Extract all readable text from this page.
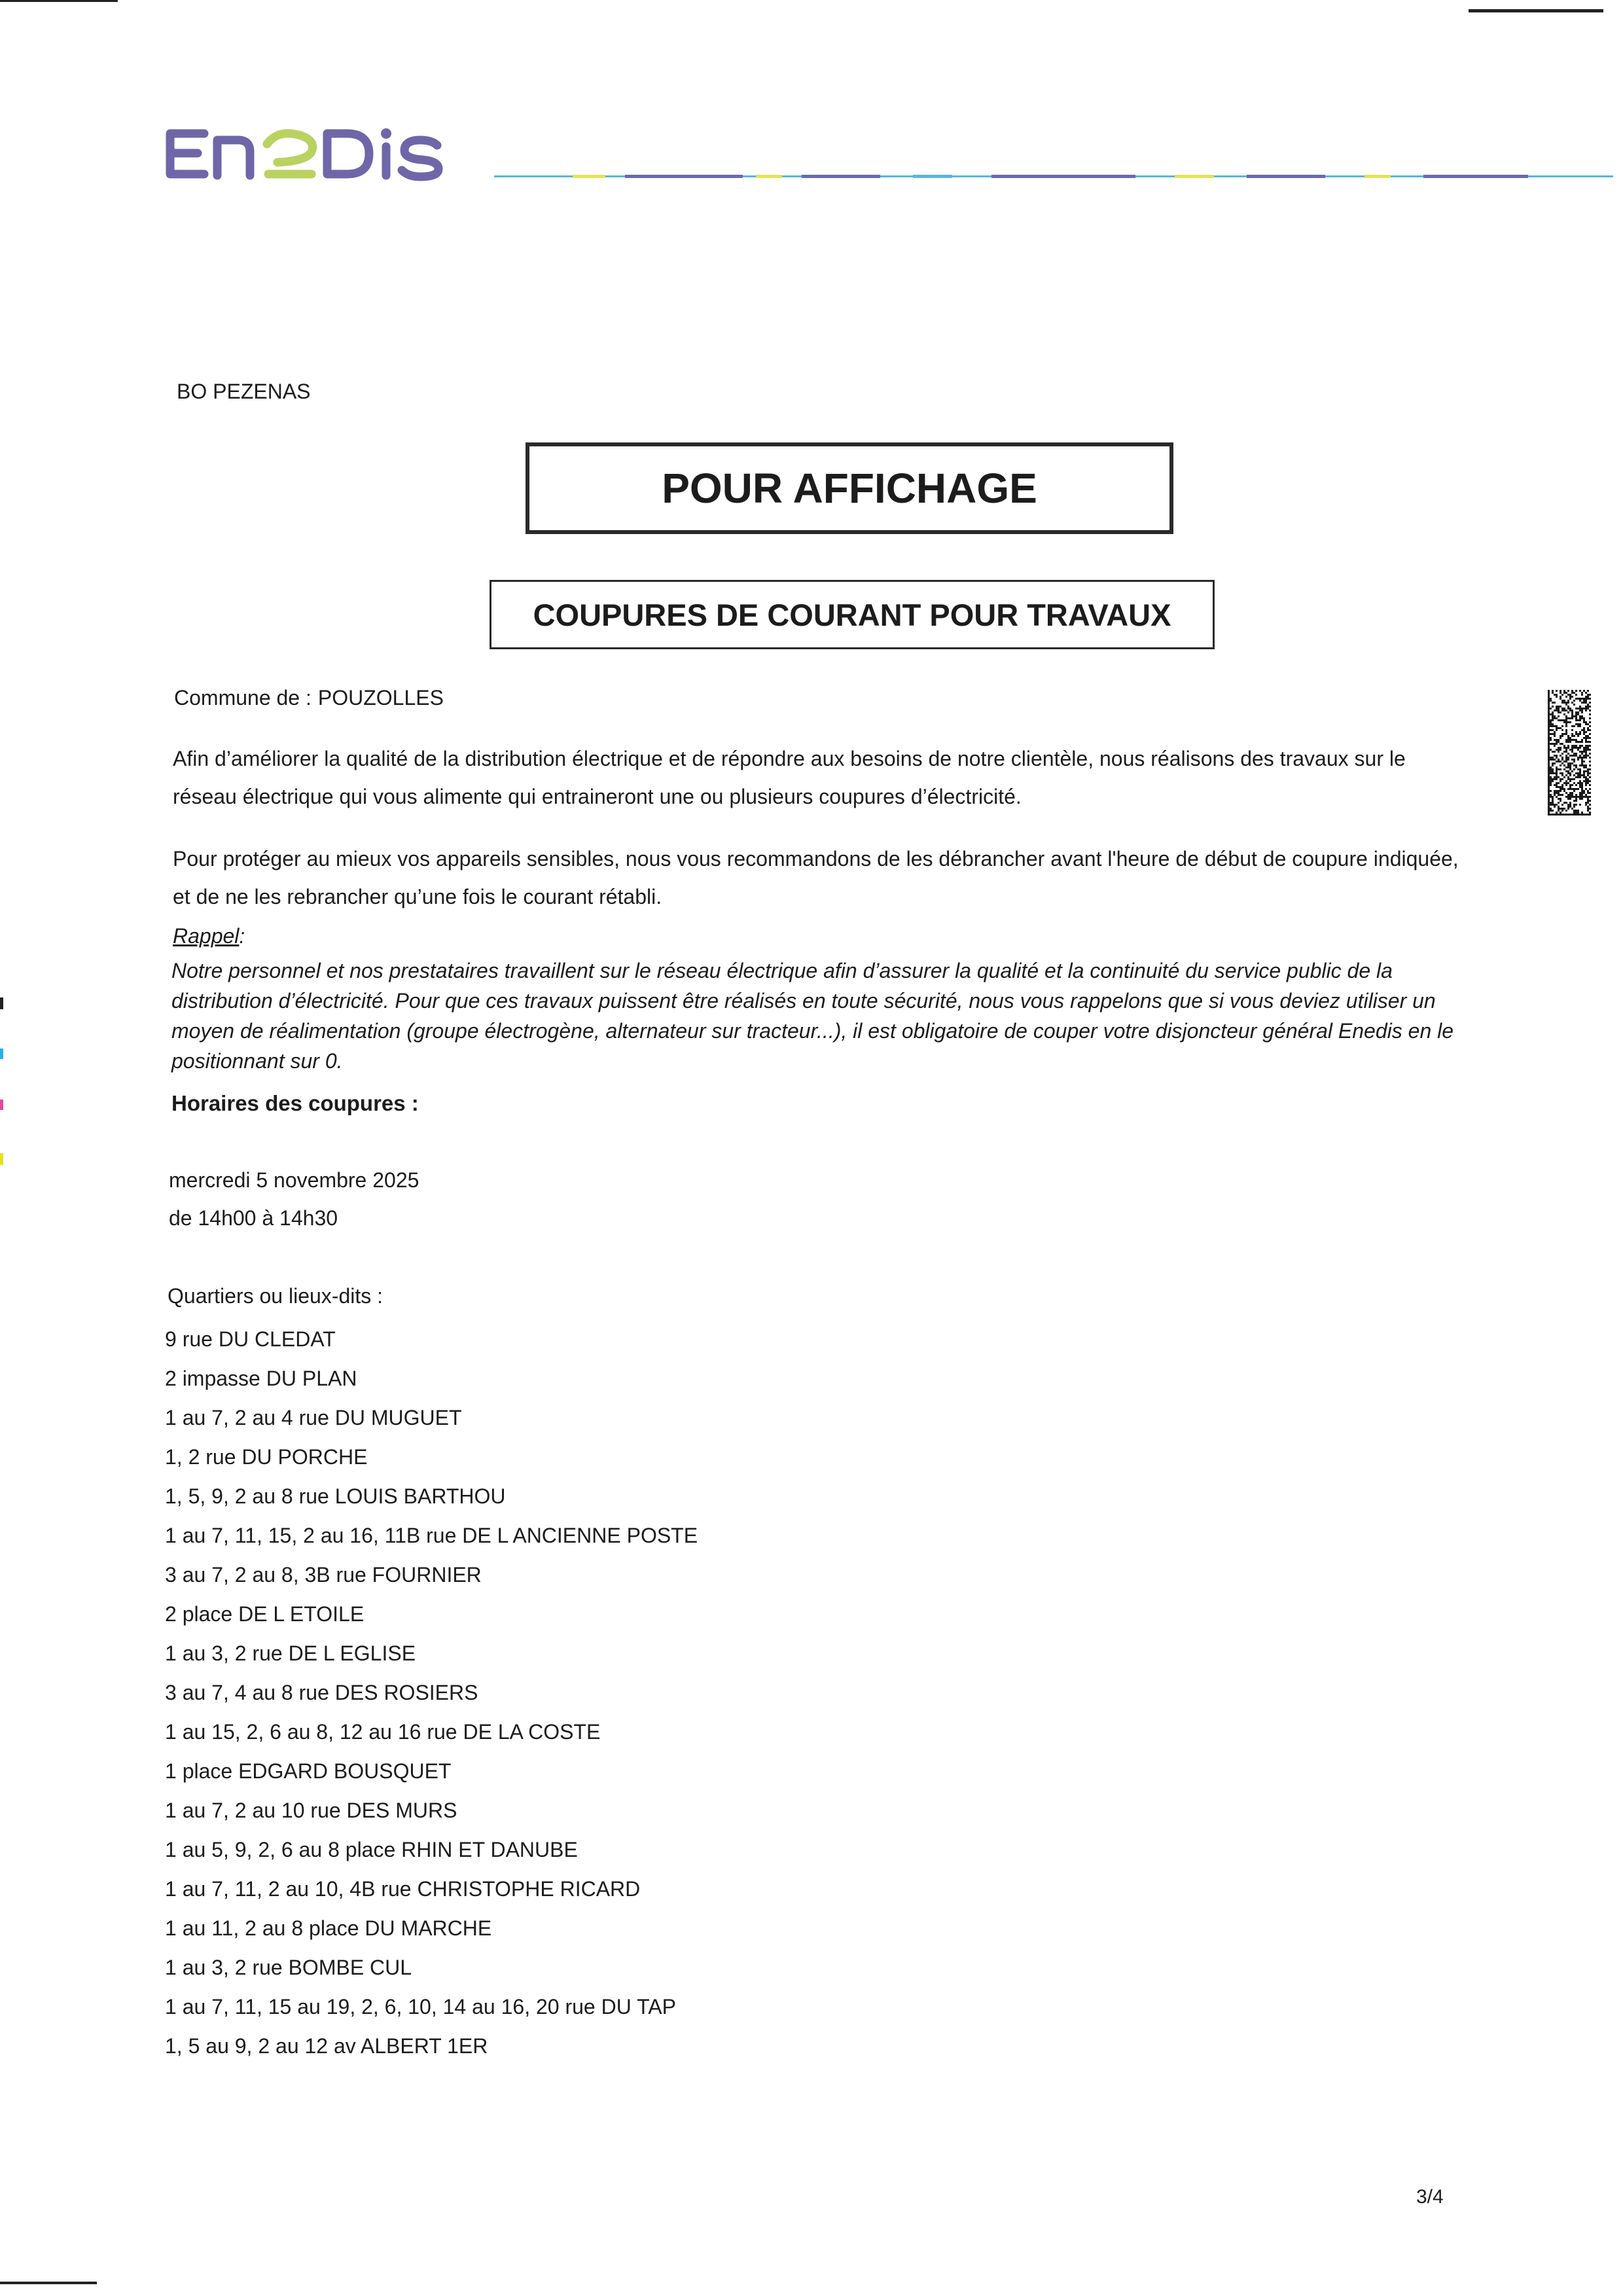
BO PEZENAS
POUR AFFICHAGE
COUPURES DE COURANT POUR TRAVAUX
Commune de : POUZOLLES
Afin d’améliorer la qualité de la distribution électrique et de répondre aux besoins de notre clientèle, nous réalisons des travaux sur le réseau électrique qui vous alimente qui entraineront une ou plusieurs coupures d’électricité.
Pour protéger au mieux vos appareils sensibles, nous vous recommandons de les débrancher avant l'heure de début de coupure indiquée, et de ne les rebrancher qu’une fois le courant rétabli.
Rappel:
Notre personnel et nos prestataires travaillent sur le réseau électrique afin d’assurer la qualité et la continuité du service public de la distribution d’électricité. Pour que ces travaux puissent être réalisés en toute sécurité, nous vous rappelons que si vous deviez utiliser un moyen de réalimentation (groupe électrogène, alternateur sur tracteur...), il est obligatoire de couper votre disjoncteur général Enedis en le positionnant sur 0.
Horaires des coupures :
mercredi 5 novembre 2025
de 14h00 à 14h30
Quartiers ou lieux-dits :
9 rue DU CLEDAT
2 impasse DU PLAN
1 au 7, 2 au 4 rue DU MUGUET
1, 2 rue DU PORCHE
1, 5, 9, 2 au 8 rue LOUIS BARTHOU
1 au 7, 11, 15, 2 au 16, 11B rue DE L ANCIENNE POSTE
3 au 7, 2 au 8, 3B rue FOURNIER
2 place DE L ETOILE
1 au 3, 2 rue DE L EGLISE
3 au 7, 4 au 8 rue DES ROSIERS
1 au 15, 2, 6 au 8, 12 au 16 rue DE LA COSTE
1 place EDGARD BOUSQUET
1 au 7, 2 au 10 rue DES MURS
1 au 5, 9, 2, 6 au 8 place RHIN ET DANUBE
1 au 7, 11, 2 au 10, 4B rue CHRISTOPHE RICARD
1 au 11, 2 au 8 place DU MARCHE
1 au 3, 2 rue BOMBE CUL
1 au 7, 11, 15 au 19, 2, 6, 10, 14 au 16, 20 rue DU TAP
1, 5 au 9, 2 au 12 av ALBERT 1ER
3/4
